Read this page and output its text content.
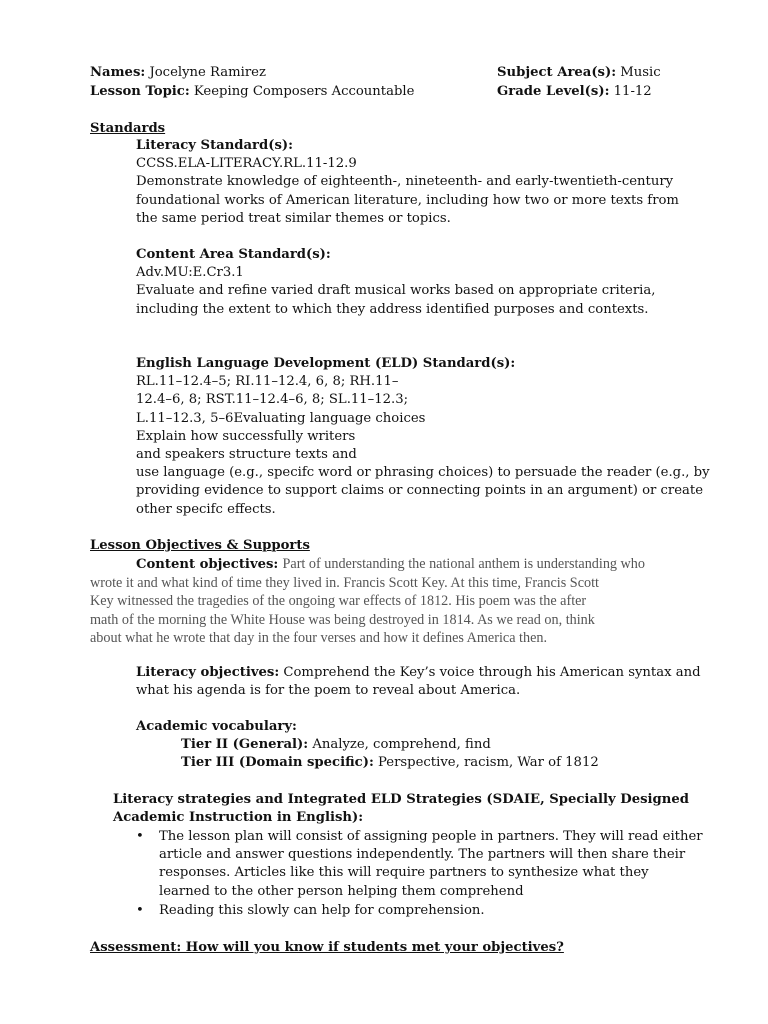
Names: Jocelyne Ramirez
Lesson Topic: Keeping Composers Accountable
Subject Area(s): Music
Grade Level(s): 11-12
Standards
Literacy Standard(s):
CCSS.ELA-LITERACY.RL.11-12.9
Demonstrate knowledge of eighteenth-, nineteenth- and early-twentieth-century
foundational works of American literature, including how two or more texts from
the same period treat similar themes or topics.
Content Area Standard(s):
Adv.MU:E.Cr3.1
Evaluate and refine varied draft musical works based on appropriate criteria,
including the extent to which they address identified purposes and contexts.
English Language Development (ELD) Standard(s):
RL.11–12.4–5; RI.11–12.4, 6, 8; RH.11–
12.4–6, 8; RST.11–12.4–6, 8; SL.11–12.3;
L.11–12.3, 5–6Evaluating language choices
Explain how successfully writers
and speakers structure texts and
use language (e.g., specifc word or phrasing choices) to persuade the reader (e.g., by
providing evidence to support claims or connecting points in an argument) or create
other specifc effects.
Lesson Objectives & Supports
Content objectives: Part of understanding the national anthem is understanding who
wrote it and what kind of time they lived in. Francis Scott Key. At this time, Francis Scott
Key witnessed the tragedies of the ongoing war effects of 1812. His poem was the after
math of the morning the White House was being destroyed in 1814. As we read on, think
about what he wrote that day in the four verses and how it defines America then.
Literacy objectives: Comprehend the Key’s voice through his American syntax and
what his agenda is for the poem to reveal about America.
Academic vocabulary:
Tier II (General): Analyze, comprehend, find
Tier III (Domain specific): Perspective, racism, War of 1812
Literacy strategies and Integrated ELD Strategies (SDAIE, Specially Designed
Academic Instruction in English):
• The lesson plan will consist of assigning people in partners. They will read either
article and answer questions independently. The partners will then share their
responses. Articles like this will require partners to synthesize what they
learned to the other person helping them comprehend
• Reading this slowly can help for comprehension.
Assessment: How will you know if students met your objectives?
